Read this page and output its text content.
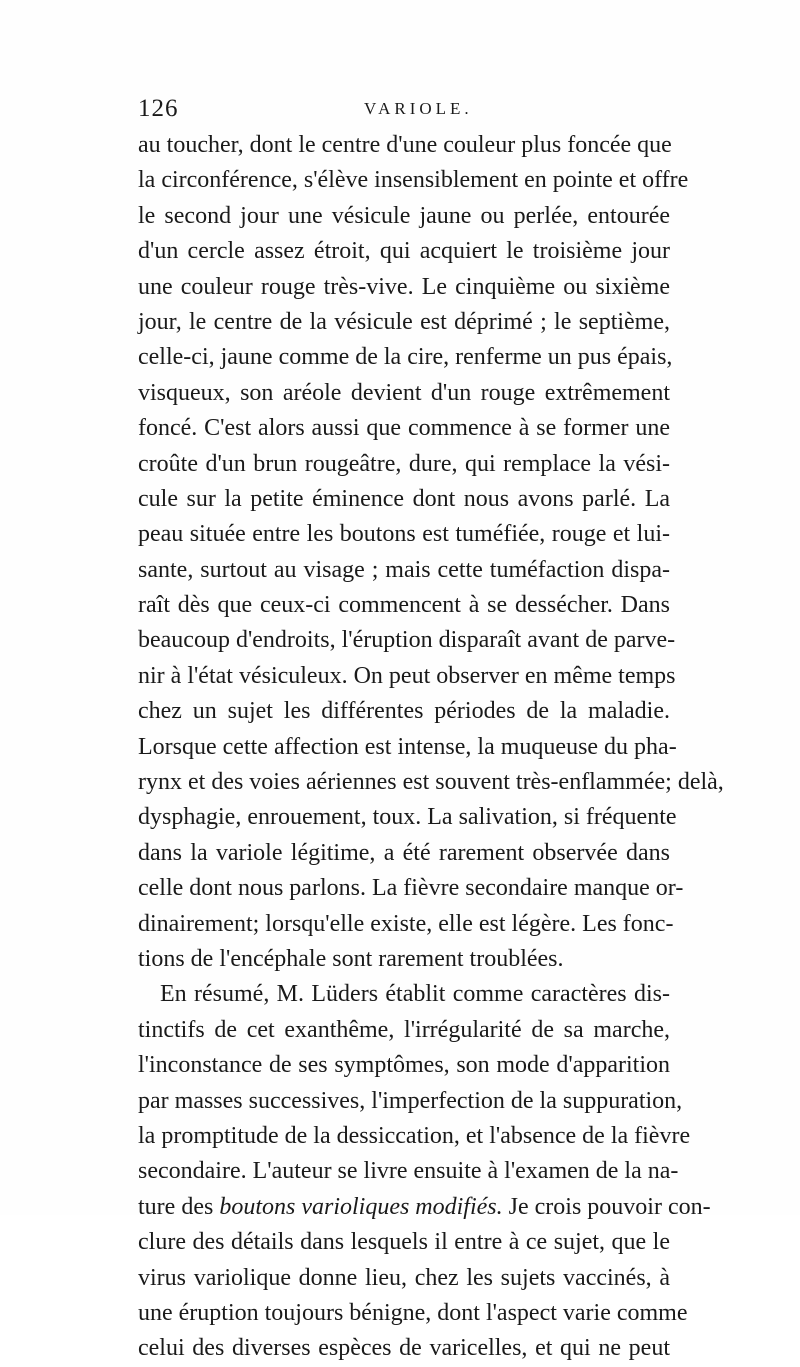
126	VARIOLE.
au toucher, dont le centre d'une couleur plus foncée que
la circonférence, s'élève insensiblement en pointe et offre
le second jour une vésicule jaune ou perlée, entourée
d'un cercle assez étroit, qui acquiert le troisième jour
une couleur rouge très-vive. Le cinquième ou sixième
jour, le centre de la vésicule est déprimé ; le septième,
celle-ci, jaune comme de la cire, renferme un pus épais,
visqueux, son aréole devient d'un rouge extrêmement
foncé. C'est alors aussi que commence à se former une
croûte d'un brun rougeâtre, dure, qui remplace la vési-
cule sur la petite éminence dont nous avons parlé. La
peau située entre les boutons est tuméfiée, rouge et lui-
sante, surtout au visage ; mais cette tuméfaction dispa-
raît dès que ceux-ci commencent à se dessécher. Dans
beaucoup d'endroits, l'éruption disparaît avant de parve-
nir à l'état vésiculeux. On peut observer en même temps
chez un sujet les différentes périodes de la maladie.
Lorsque cette affection est intense, la muqueuse du pha-
rynx et des voies aériennes est souvent très-enflammée; delà,
dysphagie, enrouement, toux. La salivation, si fréquente
dans la variole légitime, a été rarement observée dans
celle dont nous parlons. La fièvre secondaire manque or-
dinairement; lorsqu'elle existe, elle est légère. Les fonc-
tions de l'encéphale sont rarement troublées.
En résumé, M. Lüders établit comme caractères dis-
tinctifs de cet exanthême, l'irrégularité de sa marche,
l'inconstance de ses symptômes, son mode d'apparition
par masses successives, l'imperfection de la suppuration,
la promptitude de la dessiccation, et l'absence de la fièvre
secondaire. L'auteur se livre ensuite à l'examen de la na-
ture des boutons varioliques modifiés. Je crois pouvoir con-
clure des détails dans lesquels il entre à ce sujet, que le
virus variolique donne lieu, chez les sujets vaccinés, à
une éruption toujours bénigne, dont l'aspect varie comme
celui des diverses espèces de varicelles, et qui ne peut
